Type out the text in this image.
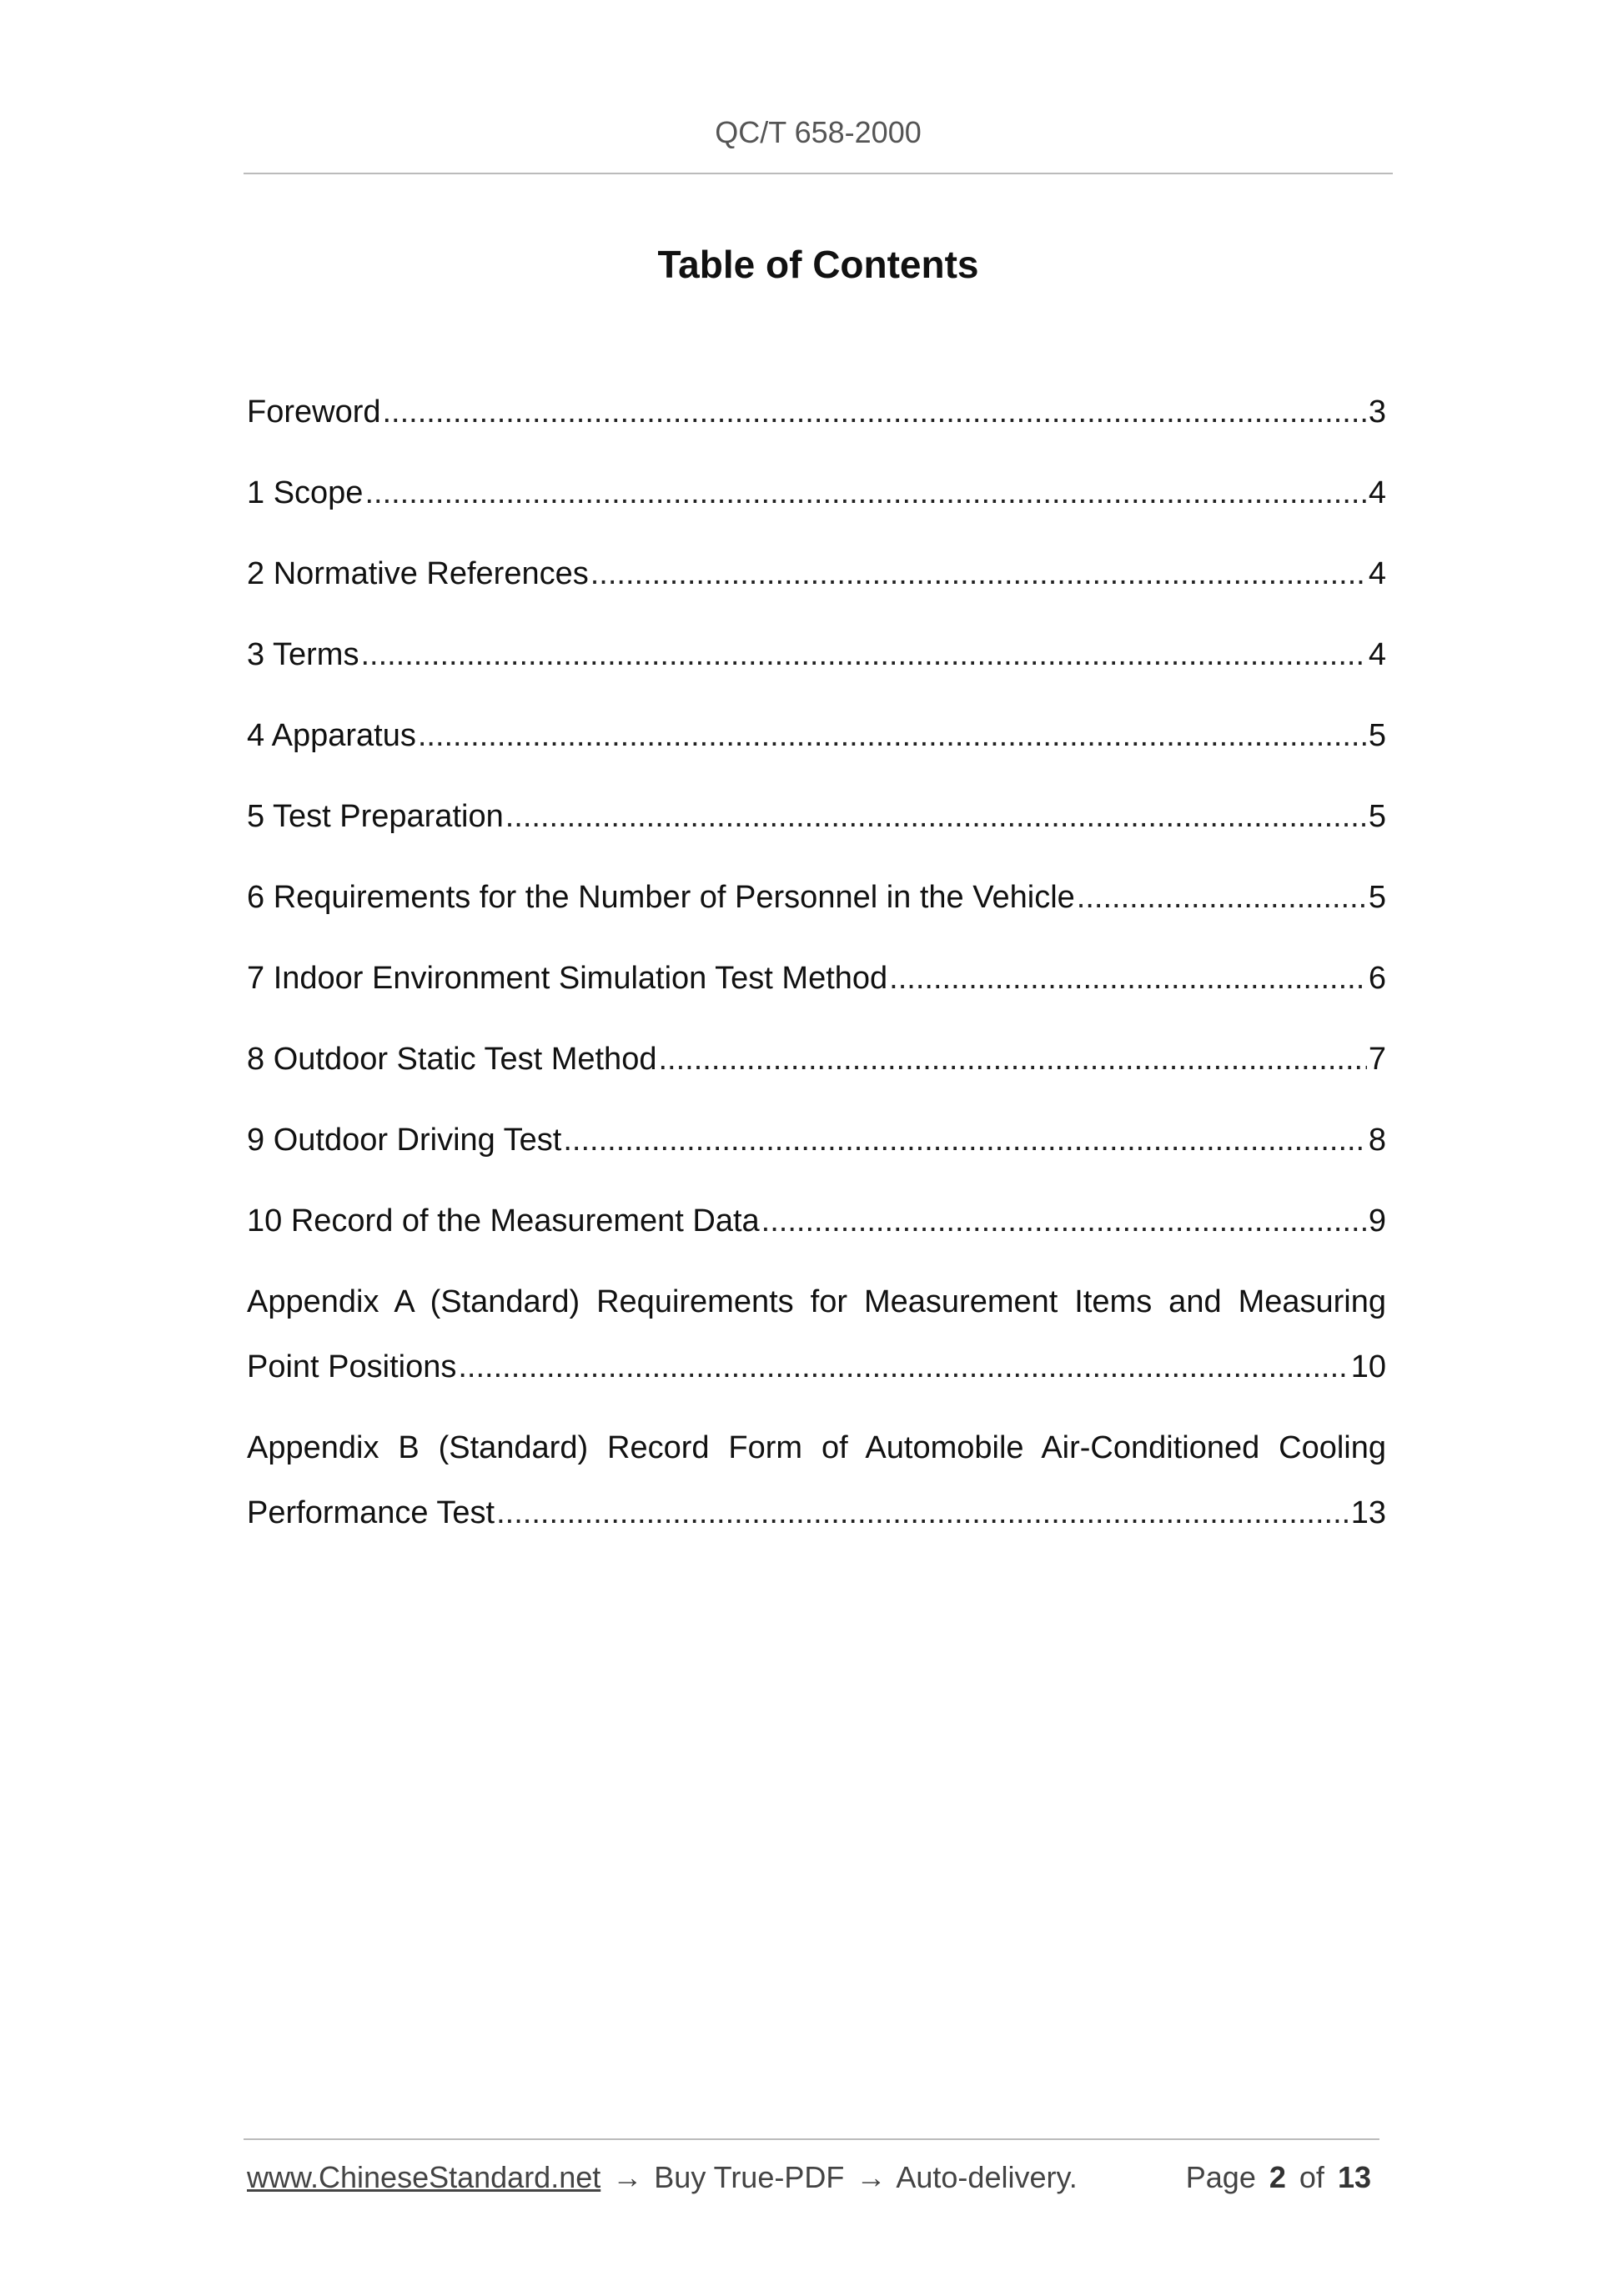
QC/T 658-2000
Table of Contents
Foreword .....	3
1 Scope .....	4
2 Normative References .....	4
3 Terms .....	4
4 Apparatus .....	5
5 Test Preparation .....	5
6 Requirements for the Number of Personnel in the Vehicle .....	5
7 Indoor Environment Simulation Test Method .....	6
8 Outdoor Static Test Method .....	7
9 Outdoor Driving Test .....	8
10 Record of the Measurement Data .....	9
Appendix A (Standard) Requirements for Measurement Items and Measuring
Point Positions .....	10
Appendix B (Standard) Record Form of Automobile Air-Conditioned Cooling
Performance Test .....	13
www.ChineseStandard.net → Buy True-PDF → Auto-delivery.	Page 2 of 13
